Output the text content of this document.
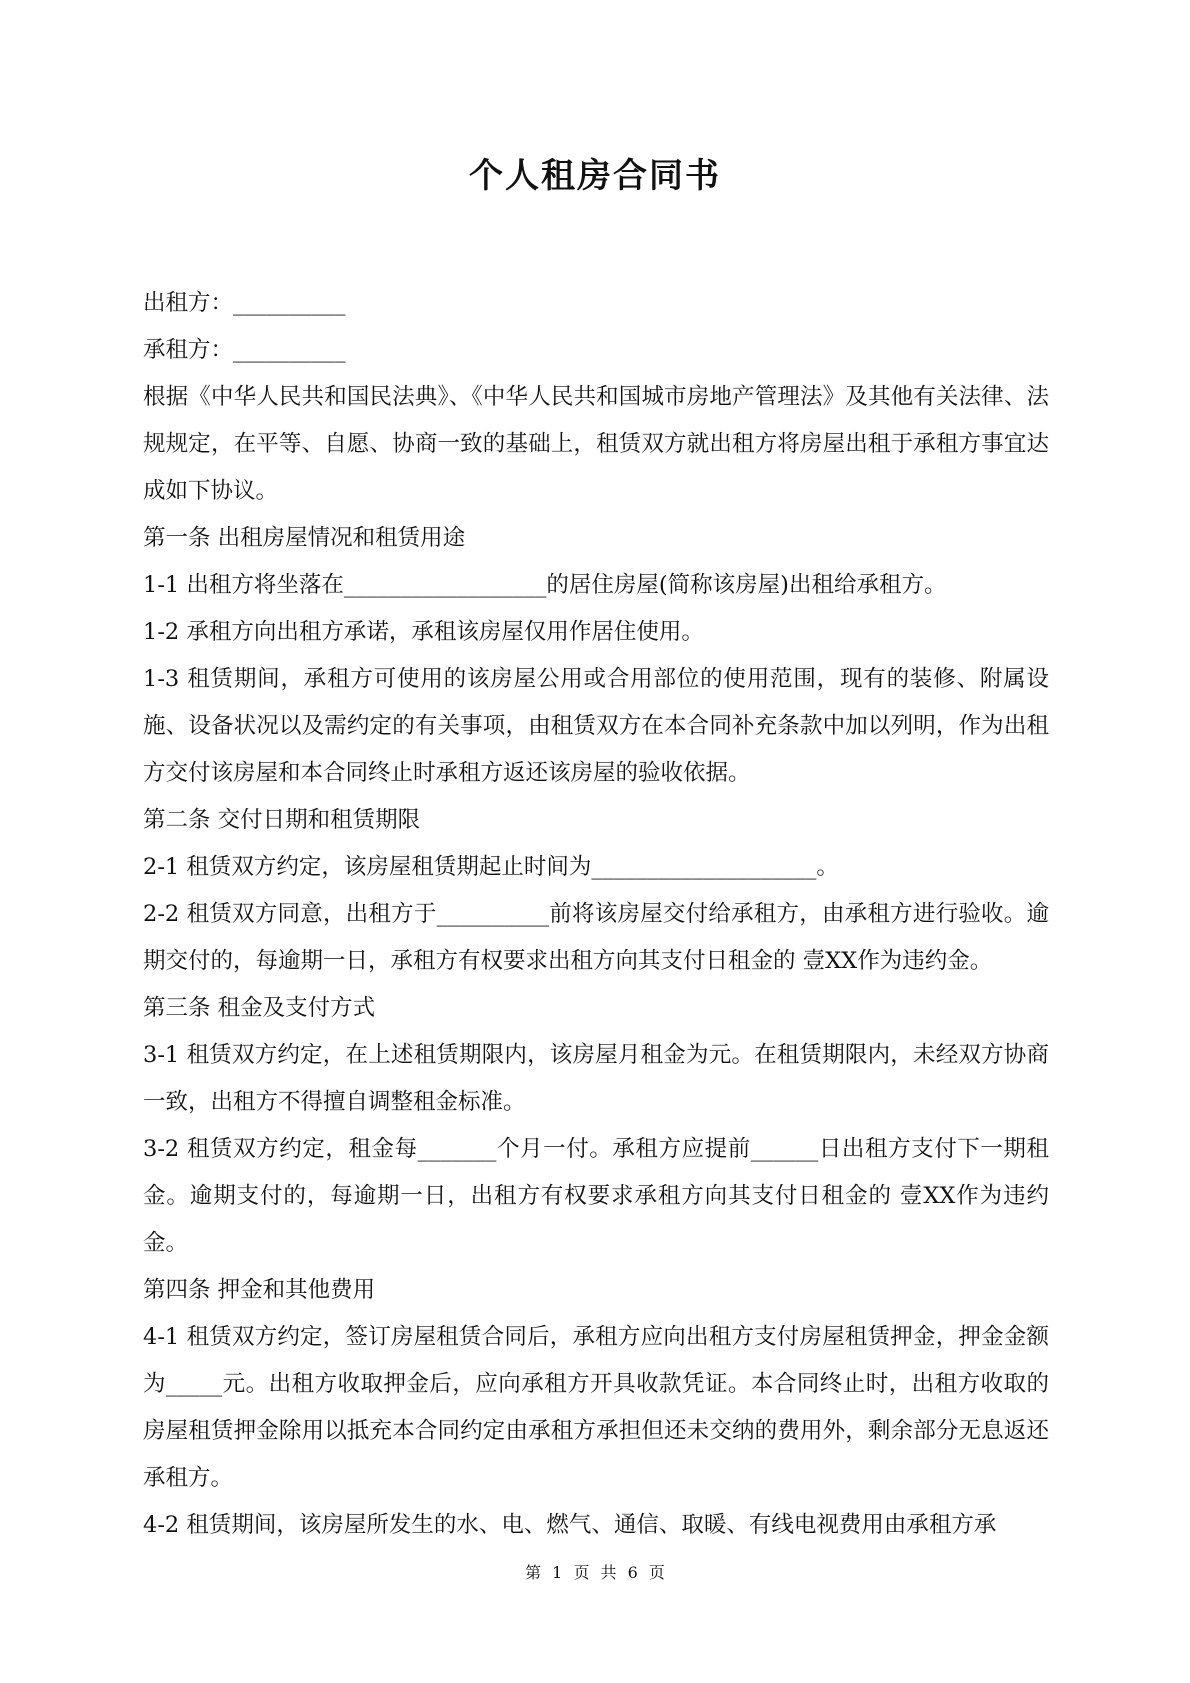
个人租房合同书

出租方：__________

承租方：__________

根据《中华人民共和国民法典》、《中华人民共和国城市房地产管理法》及其他有关法律、法规规定，在平等、自愿、协商一致的基础上，租赁双方就出租方将房屋出租于承租方事宜达成如下协议。

第一条 出租房屋情况和租赁用途

1-1 出租方将坐落在__________________的居住房屋(简称该房屋)出租给承租方。

1-2 承租方向出租方承诺，承租该房屋仅用作居住使用。

1-3 租赁期间，承租方可使用的该房屋公用或合用部位的使用范围，现有的装修、附属设施、设备状况以及需约定的有关事项，由租赁双方在本合同补充条款中加以列明，作为出租方交付该房屋和本合同终止时承租方返还该房屋的验收依据。

第二条 交付日期和租赁期限

2-1 租赁双方约定，该房屋租赁期起止时间为____________________。

2-2 租赁双方同意，出租方于__________前将该房屋交付给承租方，由承租方进行验收。逾期交付的，每逾期一日，承租方有权要求出租方向其支付日租金的 壹XX作为违约金。

第三条 租金及支付方式

3-1 租赁双方约定，在上述租赁期限内，该房屋月租金为元。在租赁期限内，未经双方协商一致，出租方不得擅自调整租金标准。

3-2 租赁双方约定，租金每_______个月一付。承租方应提前______日出租方支付下一期租金。逾期支付的，每逾期一日，出租方有权要求承租方向其支付日租金的 壹XX作为违约金。

第四条 押金和其他费用

4-1 租赁双方约定，签订房屋租赁合同后，承租方应向出租方支付房屋租赁押金，押金金额为_____元。出租方收取押金后，应向承租方开具收款凭证。本合同终止时，出租方收取的房屋租赁押金除用以抵充本合同约定由承租方承担但还未交纳的费用外，剩余部分无息返还承租方。

4-2 租赁期间，该房屋所发生的水、电、燃气、通信、取暖、有线电视费用由承租方承

第 1 页 共 6 页
